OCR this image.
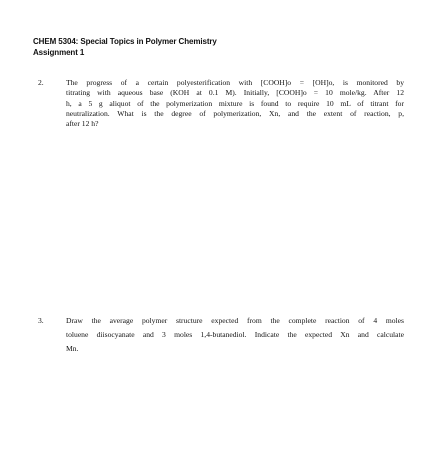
CHEM 5304: Special Topics in Polymer Chemistry
Assignment 1
2.	The progress of a certain polyesterification with [COOH]o = [OH]o, is monitored by
titrating with aqueous base (KOH at 0.1 M). Initially, [COOH]o = 10 mole/kg. After 12
h, a 5 g aliquot of the polymerization mixture is found to require 10 mL of titrant for
neutralization. What is the degree of polymerization, Xn, and the extent of reaction, p,
after 12 h?
3.	Draw the average polymer structure expected from the complete reaction of 4 moles
toluene diisocyanate and 3 moles 1,4-butanediol. Indicate the expected Xn and calculate
Mn.
